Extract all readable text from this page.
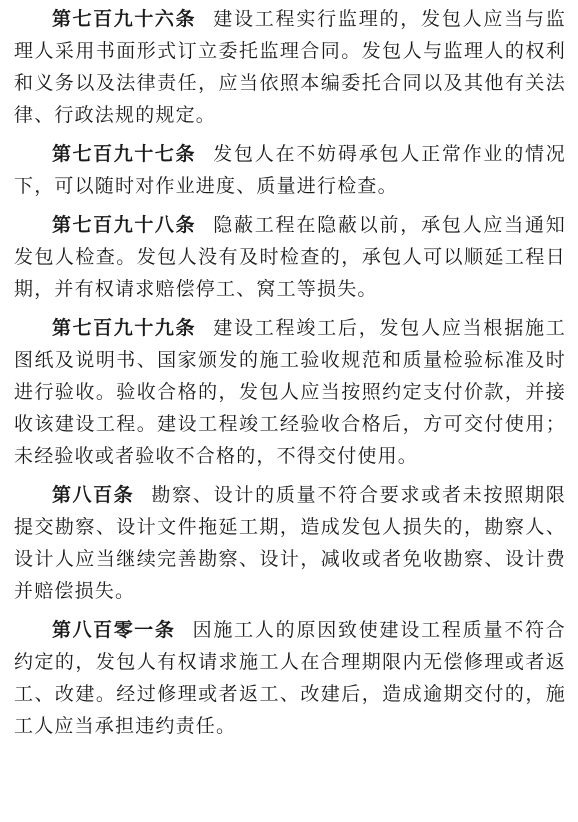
第七百九十六条 建设工程实行监理的，发包人应当与监理人采用书面形式订立委托监理合同。发包人与监理人的权利和义务以及法律责任，应当依照本编委托合同以及其他有关法律、行政法规的规定。

第七百九十七条 发包人在不妨碍承包人正常作业的情况下，可以随时对作业进度、质量进行检查。

第七百九十八条 隐蔽工程在隐蔽以前，承包人应当通知发包人检查。发包人没有及时检查的，承包人可以顺延工程日期，并有权请求赔偿停工、窝工等损失。

第七百九十九条 建设工程竣工后，发包人应当根据施工图纸及说明书、国家颁发的施工验收规范和质量检验标准及时进行验收。验收合格的，发包人应当按照约定支付价款，并接收该建设工程。建设工程竣工经验收合格后，方可交付使用；未经验收或者验收不合格的，不得交付使用。

第八百条 勘察、设计的质量不符合要求或者未按照期限提交勘察、设计文件拖延工期，造成发包人损失的，勘察人、设计人应当继续完善勘察、设计，减收或者免收勘察、设计费并赔偿损失。

第八百零一条 因施工人的原因致使建设工程质量不符合约定的，发包人有权请求施工人在合理期限内无偿修理或者返工、改建。经过修理或者返工、改建后，造成逾期交付的，施工人应当承担违约责任。
